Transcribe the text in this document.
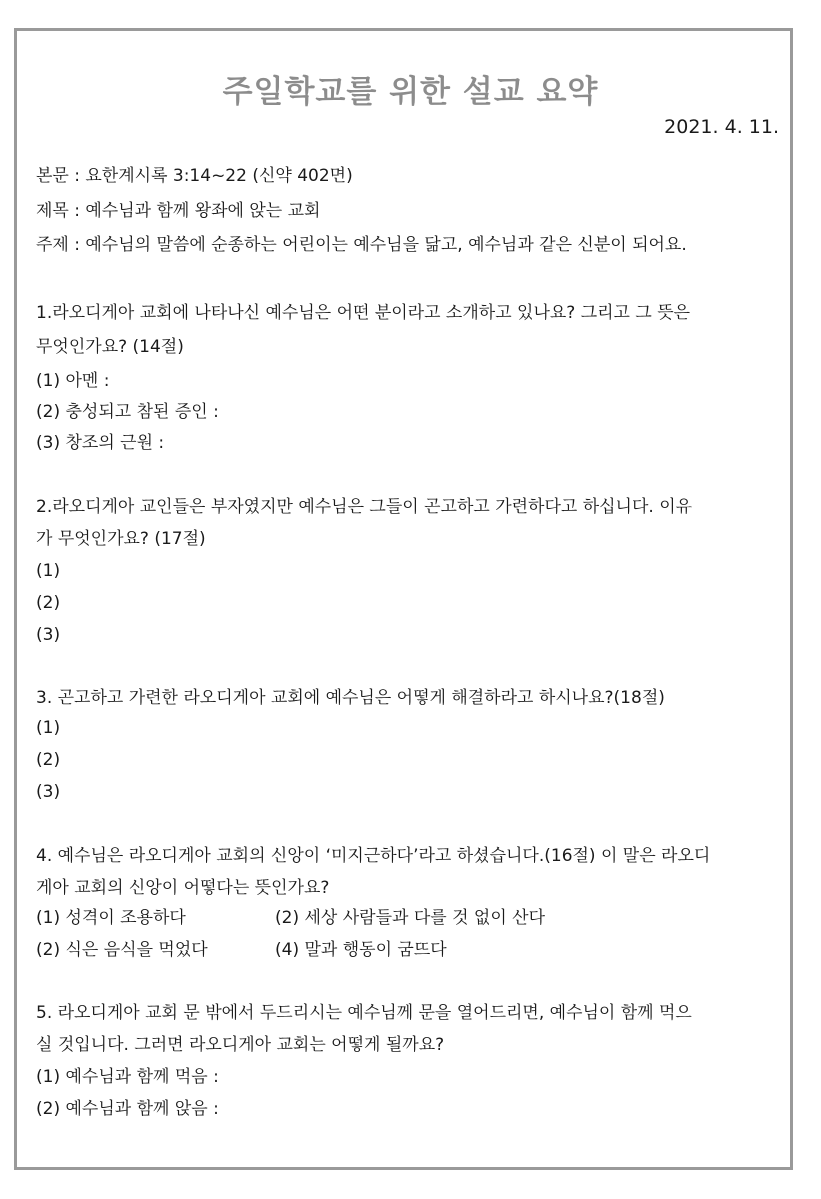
주일학교를 위한 설교 요약
2021. 4. 11.
본문 : 요한계시록 3:14~22 (신약 402면)
제목 : 예수님과 함께 왕좌에 앉는 교회
주제 : 예수님의 말씀에 순종하는 어린이는 예수님을 닮고, 예수님과 같은 신분이 되어요.
1.라오디게아 교회에 나타나신 예수님은 어떤 분이라고 소개하고 있나요? 그리고 그 뜻은
무엇인가요? (14절)
(1) 아멘 :
(2) 충성되고 참된 증인 :
(3) 창조의 근원 :
2.라오디게아 교인들은 부자였지만 예수님은 그들이 곤고하고 가련하다고 하십니다. 이유
가 무엇인가요? (17절)
(1)
(2)
(3)
3. 곤고하고 가련한 라오디게아 교회에 예수님은 어떻게 해결하라고 하시나요?(18절)
(1)
(2)
(3)
4. 예수님은 라오디게아 교회의 신앙이 ‘미지근하다’라고 하셨습니다.(16절) 이 말은 라오디
게아 교회의 신앙이 어떻다는 뜻인가요?
(1) 성격이 조용하다	(2) 세상 사람들과 다를 것 없이 산다
(2) 식은 음식을 먹었다	(4) 말과 행동이 굼뜨다
5. 라오디게아 교회 문 밖에서 두드리시는 예수님께 문을 열어드리면, 예수님이 함께 먹으
실 것입니다. 그러면 라오디게아 교회는 어떻게 될까요?
(1) 예수님과 함께 먹음 :
(2) 예수님과 함께 앉음 :
